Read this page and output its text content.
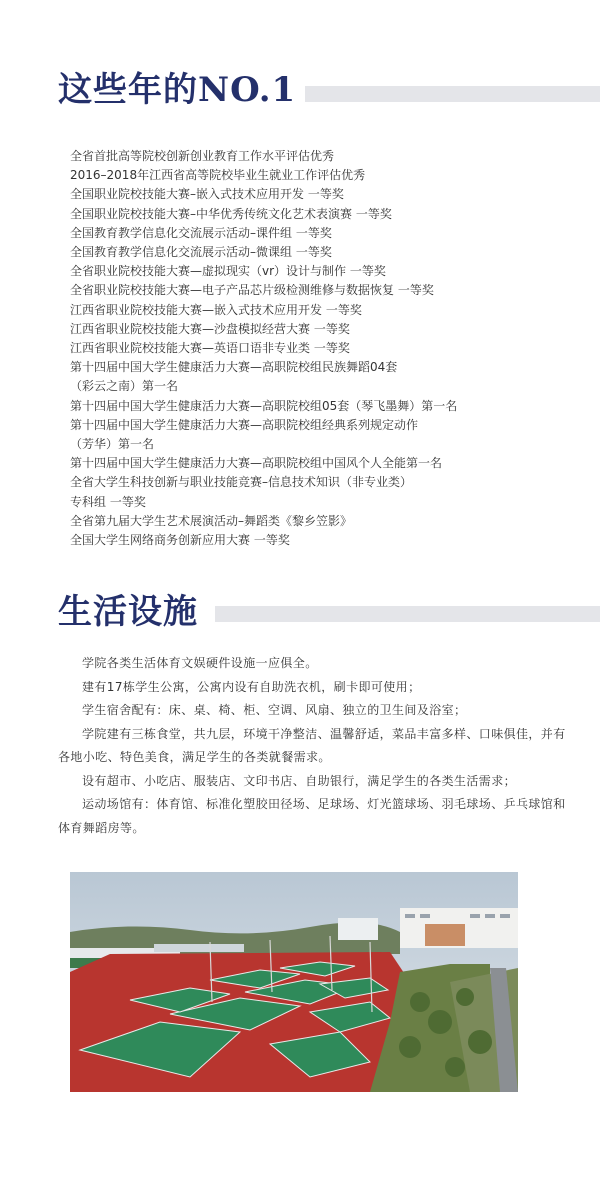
这些年的NO.1
全省首批高等院校创新创业教育工作水平评估优秀
2016–2018年江西省高等院校毕业生就业工作评估优秀
全国职业院校技能大赛–嵌入式技术应用开发 一等奖
全国职业院校技能大赛–中华优秀传统文化艺术表演赛 一等奖
全国教育教学信息化交流展示活动–课件组 一等奖
全国教育教学信息化交流展示活动–微课组 一等奖
全省职业院校技能大赛—虚拟现实（vr）设计与制作 一等奖
全省职业院校技能大赛—电子产品芯片级检测维修与数据恢复 一等奖
江西省职业院校技能大赛—嵌入式技术应用开发 一等奖
江西省职业院校技能大赛—沙盘模拟经营大赛 一等奖
江西省职业院校技能大赛—英语口语非专业类 一等奖
第十四届中国大学生健康活力大赛—高职院校组民族舞蹈04套
（彩云之南）第一名
第十四届中国大学生健康活力大赛—高职院校组05套（琴飞墨舞）第一名
第十四届中国大学生健康活力大赛—高职院校组经典系列规定动作
（芳华）第一名
第十四届中国大学生健康活力大赛—高职院校组中国风个人全能第一名
全省大学生科技创新与职业技能竞赛–信息技术知识（非专业类）
专科组 一等奖
全省第九届大学生艺术展演活动–舞蹈类《黎乡笠影》
全国大学生网络商务创新应用大赛 一等奖
生活设施

学院各类生活体育文娱硬件设施一应俱全。

建有17栋学生公寓，公寓内设有自助洗衣机，刷卡即可使用；

学生宿舍配有：床、桌、椅、柜、空调、风扇、独立的卫生间及浴室；

学院建有三栋食堂，共九层，环境干净整洁、温馨舒适，菜品丰富多样、口味俱佳，并有各地小吃、特色美食，满足学生的各类就餐需求。

设有超市、小吃店、服装店、文印书店、自助银行，满足学生的各类生活需求；

运动场馆有：体育馆、标准化塑胶田径场、足球场、灯光篮球场、羽毛球场、乒乓球馆和体育舞蹈房等。
